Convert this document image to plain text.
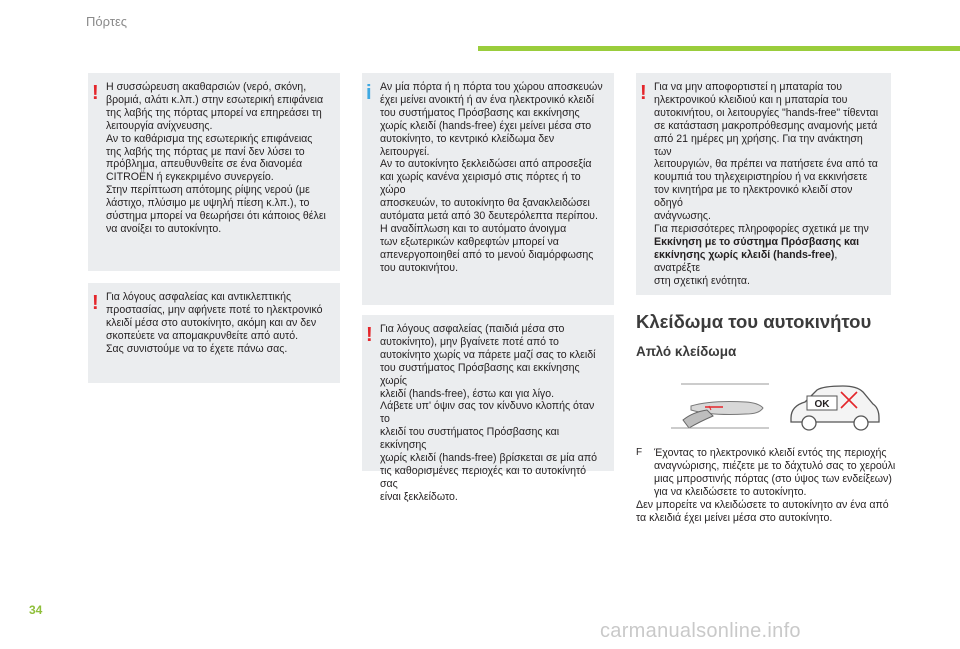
Πόρτες
! Η συσσώρευση ακαθαρσιών (νερό, σκόνη,
βρομιά, αλάτι κ.λπ.) στην εσωτερική επιφάνεια
της λαβής της πόρτας μπορεί να επηρεάσει τη
λειτουργία ανίχνευσης.
Αν το καθάρισμα της εσωτερικής επιφάνειας
της λαβής της πόρτας με πανί δεν λύσει το
πρόβλημα, απευθυνθείτε σε ένα διανομέα
CITROËN ή εγκεκριμένο συνεργείο.
Στην περίπτωση απότομης ρίψης νερού (με
λάστιχο, πλύσιμο με υψηλή πίεση κ.λπ.), το
σύστημα μπορεί να θεωρήσει ότι κάποιος θέλει
να ανοίξει το αυτοκίνητο.

! Για λόγους ασφαλείας και αντικλεπτικής
προστασίας, μην αφήνετε ποτέ το ηλεκτρονικό
κλειδί μέσα στο αυτοκίνητο, ακόμη και αν δεν
σκοπεύετε να απομακρυνθείτε από αυτό.
Σας συνιστούμε να το έχετε πάνω σας.

i Αν μία πόρτα ή η πόρτα του χώρου αποσκευών
έχει μείνει ανοικτή ή αν ένα ηλεκτρονικό κλειδί
του συστήματος Πρόσβασης και εκκίνησης
χωρίς κλειδί (hands-free) έχει μείνει μέσα στο
αυτοκίνητο, το κεντρικό κλείδωμα δεν λειτουργεί.
Αν το αυτοκίνητο ξεκλειδώσει από απροσεξία
και χωρίς κανένα χειρισμό στις πόρτες ή το χώρο
αποσκευών, το αυτοκίνητο θα ξανακλειδώσει
αυτόματα μετά από 30 δευτερόλεπτα περίπου.
Η αναδίπλωση και το αυτόματο άνοιγμα
των εξωτερικών καθρεφτών μπορεί να
απενεργοποιηθεί από το μενού διαμόρφωσης
του αυτοκινήτου.

! Για λόγους ασφαλείας (παιδιά μέσα στο
αυτοκίνητο), μην βγαίνετε ποτέ από το
αυτοκίνητο χωρίς να πάρετε μαζί σας το κλειδί
του συστήματος Πρόσβασης και εκκίνησης χωρίς
κλειδί (hands-free), έστω και για λίγο.
Λάβετε υπ' όψιν σας τον κίνδυνο κλοπής όταν το
κλειδί του συστήματος Πρόσβασης και εκκίνησης
χωρίς κλειδί (hands-free) βρίσκεται σε μία από
τις καθορισμένες περιοχές και το αυτοκίνητό σας
είναι ξεκλείδωτο.

! Για να μην αποφορτιστεί η μπαταρία του
ηλεκτρονικού κλειδιού και η μπαταρία του
αυτοκινήτου, οι λειτουργίες "hands-free" τίθενται
σε κατάσταση μακροπρόθεσμης αναμονής μετά
από 21 ημέρες μη χρήσης. Για την ανάκτηση των
λειτουργιών, θα πρέπει να πατήσετε ένα από τα
κουμπιά του τηλεχειριστηρίου ή να εκκινήσετε
τον κινητήρα με το ηλεκτρονικό κλειδί στον οδηγό
ανάγνωσης.
Για περισσότερες πληροφορίες σχετικά με την
Εκκίνηση με το σύστημα Πρόσβασης και
εκκίνησης χωρίς κλειδί (hands-free), ανατρέξτε
στη σχετική ενότητα.

Κλείδωμα του αυτοκινήτου
Απλό κλείδωμα
OK
F Έχοντας το ηλεκτρονικό κλειδί εντός της περιοχής
αναγνώρισης, πιέζετε με το δάχτυλό σας το χερούλι
μιας μπροστινής πόρτας (στο ύψος των ενδείξεων)
για να κλειδώσετε το αυτοκίνητο.
Δεν μπορείτε να κλειδώσετε το αυτοκίνητο αν ένα από
τα κλειδιά έχει μείνει μέσα στο αυτοκίνητο.
34
carmanualsonline.info
